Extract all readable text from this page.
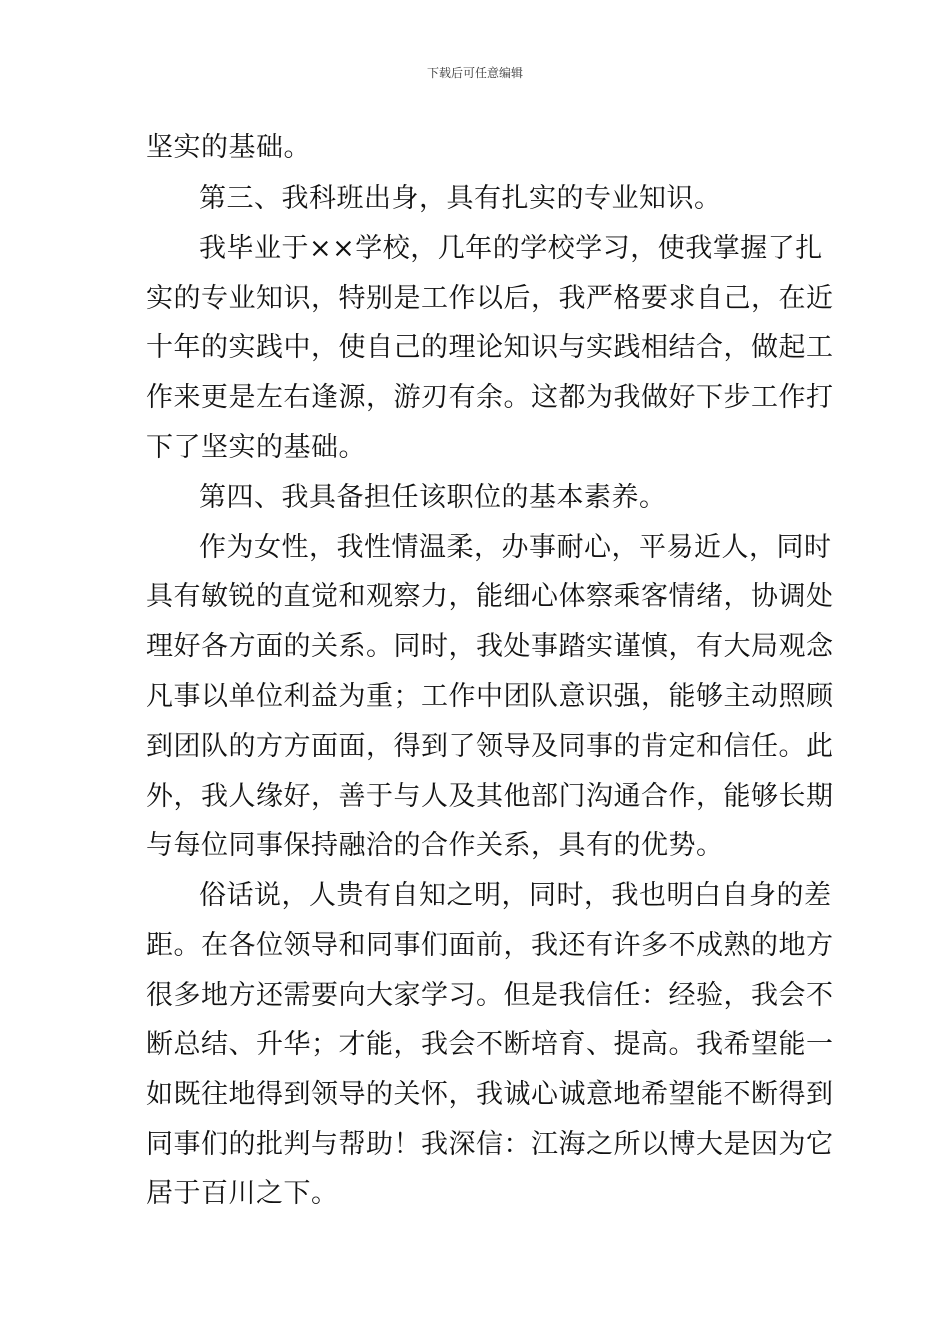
下载后可任意编辑
坚实的基础。
第三、我科班出身，具有扎实的专业知识。
我毕业于××学校，几年的学校学习，使我掌握了扎
实的专业知识，特别是工作以后，我严格要求自己，在近
十年的实践中，使自己的理论知识与实践相结合，做起工
作来更是左右逢源，游刃有余。这都为我做好下步工作打
下了坚实的基础。
第四、我具备担任该职位的基本素养。
作为女性，我性情温柔，办事耐心，平易近人，同时
具有敏锐的直觉和观察力，能细心体察乘客情绪，协调处
理好各方面的关系。同时，我处事踏实谨慎，有大局观念
凡事以单位利益为重；工作中团队意识强，能够主动照顾
到团队的方方面面，得到了领导及同事的肯定和信任。此
外，我人缘好，善于与人及其他部门沟通合作，能够长期
与每位同事保持融洽的合作关系，具有的优势。
俗话说，人贵有自知之明，同时，我也明白自身的差
距。在各位领导和同事们面前，我还有许多不成熟的地方
很多地方还需要向大家学习。但是我信任：经验，我会不
断总结、升华；才能，我会不断培育、提高。我希望能一
如既往地得到领导的关怀，我诚心诚意地希望能不断得到
同事们的批判与帮助！我深信：江海之所以博大是因为它
居于百川之下。
